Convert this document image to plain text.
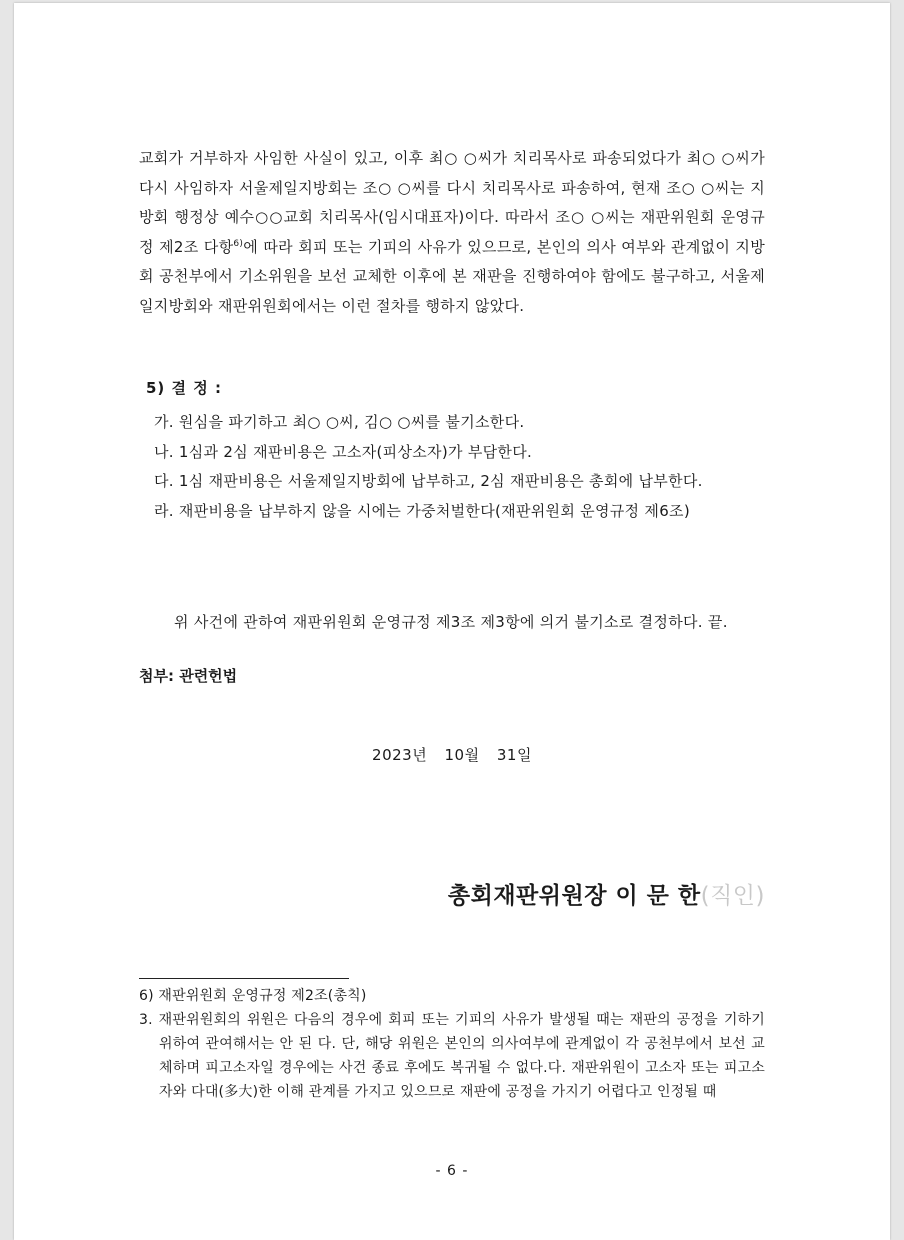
교회가 거부하자 사임한 사실이 있고, 이후 최○ ○씨가 치리목사로 파송되었다가 최○ ○씨가 다시 사임하자 서울제일지방회는 조○ ○씨를 다시 치리목사로 파송하여, 현재 조○ ○씨는 지방회 행정상 예수○○교회 치리목사(임시대표자)이다. 따라서 조○ ○씨는 재판위원회 운영규정 제2조 다항$^{6)}$에 따라 회피 또는 기피의 사유가 있으므로, 본인의 의사 여부와 관계없이 지방회 공천부에서 기소위원을 보선 교체한 이후에 본 재판을 진행하여야 함에도 불구하고, 서울제일지방회와 재판위원회에서는 이런 절차를 행하지 않았다.

5) 결 정 :

가. 원심을 파기하고 최○ ○씨, 김○ ○씨를 불기소한다.

나. 1심과 2심 재판비용은 고소자(피상소자)가 부담한다.

다. 1심 재판비용은 서울제일지방회에 납부하고, 2심 재판비용은 총회에 납부한다.

라. 재판비용을 납부하지 않을 시에는 가중처벌한다(재판위원회 운영규정 제6조)

위 사건에 관하여 재판위원회 운영규정 제3조 제3항에 의거 불기소로 결정하다. 끝.
첨부: 관련헌법
2023년 10월 31일
총회재판위원장 이 문 한(직인)

6) 재판위원회 운영규정 제2조(총칙)

3. 재판위원회의 위원은 다음의 경우에 회피 또는 기피의 사유가 발생될 때는 재판의 공정을 기하기 위하여 관여해서는 안 된 다. 단, 해당 위원은 본인의 의사여부에 관계없이 각 공천부에서 보선 교체하며 피고소자일 경우에는 사건 종료 후에도 복귀될 수 없다.다. 재판위원이 고소자 또는 피고소자와 다대(多大)한 이해 관계를 가지고 있으므로 재판에 공정을 가지기 어렵다고 인정될 때

- 6 -
